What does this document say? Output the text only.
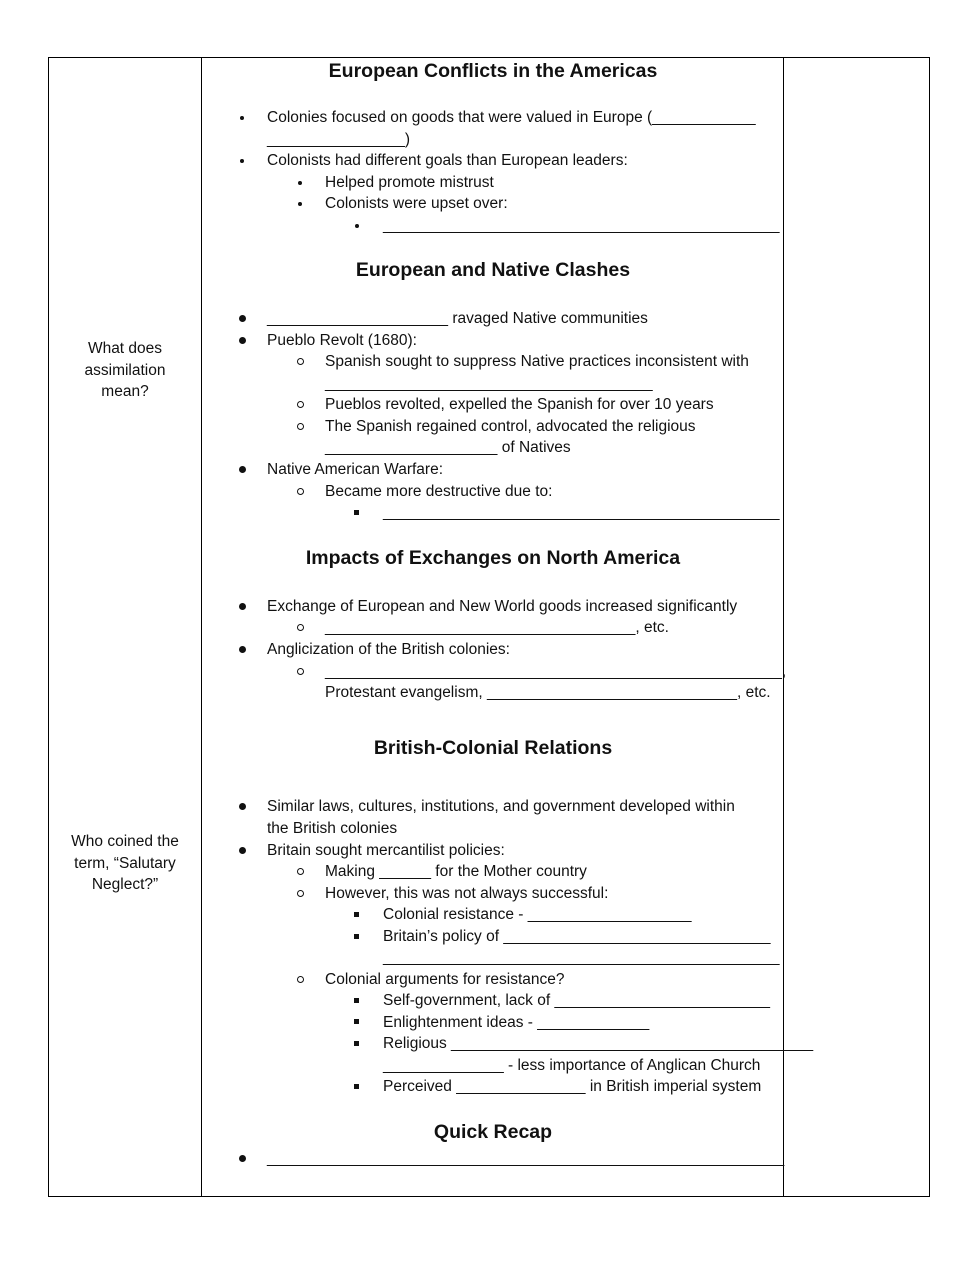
What does
assimilation
mean?
Who coined the
term, “Salutary
Neglect?”
European Conflicts in the Americas
Colonies focused on goods that were valued in Europe (____________
________________)
Colonists had different goals than European leaders:
Helped promote mistrust
Colonists were upset over:
______________________________________________
European and Native Clashes
_____________________ ravaged Native communities
Pueblo Revolt (1680):
Spanish sought to suppress Native practices inconsistent with
______________________________________
Pueblos revolted, expelled the Spanish for over 10 years
The Spanish regained control, advocated the religious
____________________ of Natives
Native American Warfare:
Became more destructive due to:
______________________________________________
Impacts of Exchanges on North America
Exchange of European and New World goods increased significantly
____________________________________, etc.
Anglicization of the British colonies:
_____________________________________________________,
Protestant evangelism, _____________________________, etc.
British-Colonial Relations
Similar laws, cultures, institutions, and government developed within
the British colonies
Britain sought mercantilist policies:
Making ______ for the Mother country
However, this was not always successful:
Colonial resistance - ___________________
Britain’s policy of _______________________________
______________________________________________
Colonial arguments for resistance?
Self-government, lack of _________________________
Enlightenment ideas - _____________
Religious __________________________________________
______________ - less importance of Anglican Church
Perceived _______________ in British imperial system
Quick Recap
____________________________________________________________
